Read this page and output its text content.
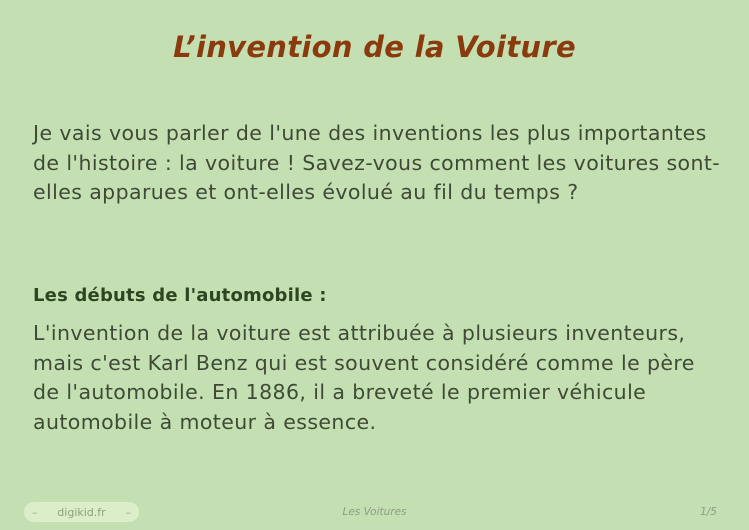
L’invention de la Voiture

Je vais vous parler de l'une des inventions les plus importantes de l'histoire : la voiture ! Savez-vous comment les voitures sont-elles apparues et ont-elles évolué au fil du temps ?

Les débuts de l'automobile :

L'invention de la voiture est attribuée à plusieurs inventeurs, mais c'est Karl Benz qui est souvent considéré comme le père de l'automobile. En 1886, il a breveté le premier véhicule automobile à moteur à essence.

– digikid.fr –	Les Voitures	1/5
